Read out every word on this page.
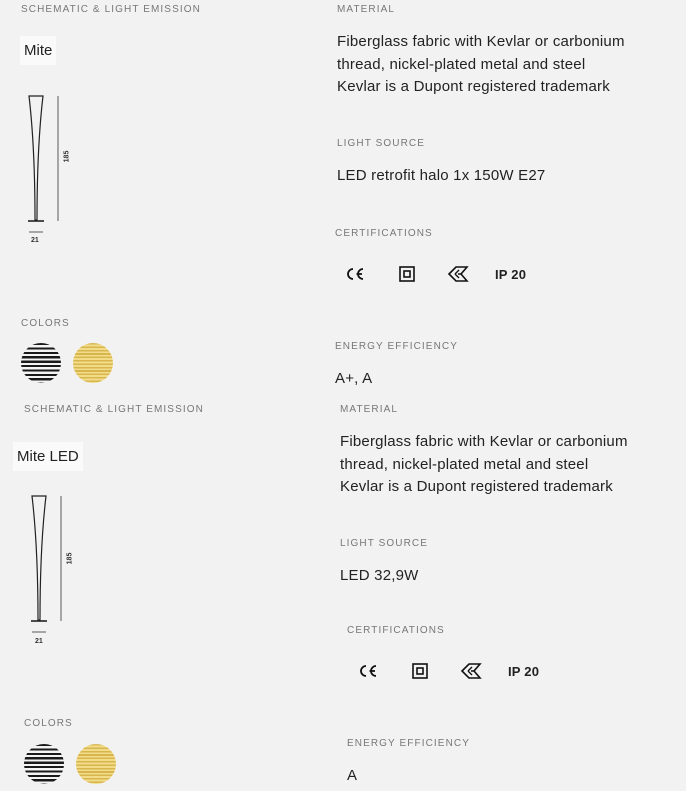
SCHEMATIC & LIGHT EMISSION
Mite
185
21
MATERIAL
Fiberglass fabric with Kevlar or carbonium
thread, nickel-plated metal and steel
Kevlar is a Dupont registered trademark
LIGHT SOURCE
LED retrofit halo 1x 150W E27
CERTIFICATIONS
IP 20
COLORS
ENERGY EFFICIENCY
A+, A
SCHEMATIC & LIGHT EMISSION
Mite LED
185
21
MATERIAL
Fiberglass fabric with Kevlar or carbonium
thread, nickel-plated metal and steel
Kevlar is a Dupont registered trademark
LIGHT SOURCE
LED 32,9W
CERTIFICATIONS
IP 20
COLORS
ENERGY EFFICIENCY
A
